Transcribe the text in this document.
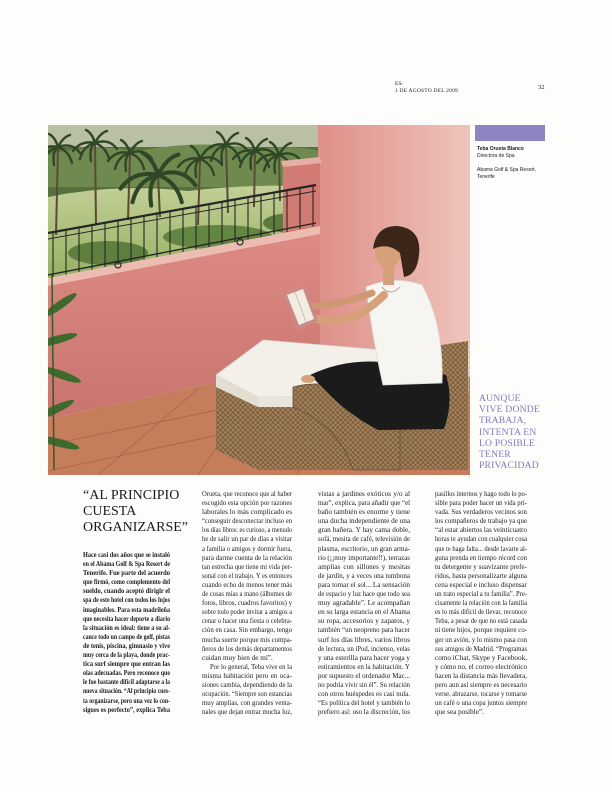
ES-
1 DE AGOSTO DEL 2009	32
Teba Orueta Blanco
Directora de Spa
Abama Golf & Spa Resort,
Tenerife
AUNQUE
VIVE DONDE
TRABAJA,
INTENTA EN
LO POSIBLE
TENER
PRIVACIDAD
“AL PRINCIPIO
CUESTA
ORGANIZARSE”
Hace casi dos años que se instaló
en el Abama Golf & Spa Resort de
Tenerife. Fue parte del acuerdo
que firmó, como complemento del
sueldo, cuando aceptó dirigir el
spa de este hotel con todos los lujos
imaginables. Para esta madrileña
que necesita hacer deporte a diario
la situación es ideal: tiene a su al-
cance todo un campo de golf, pistas
de tenis, piscina, gimnasio y vive
muy cerca de la playa, donde prac-
tica surf siempre que entran las
olas adecuadas. Pero reconoce que
le fue bastante difícil adaptarse a la
nueva situación. “Al principio cues-
ta organizarse, pero una vez lo con-
sigues es perfecto”, explica Teba
Orueta, que reconoce que al haber
escogido esta opción por razones
laborales lo más complicado es
“conseguir desconectar incluso en
los días libres: es curioso, a menudo
he de salir un par de días a visitar
a familia o amigos y dormir fuera,
para darme cuenta de la relación
tan estrecha que tiene mi vida per-
sonal con el trabajo. Y es entonces
cuando echo de menos tener más
de cosas mías a mano (álbumes de
fotos, libros, cuadros favoritos) y
sobre todo poder invitar a amigos a
cenar o hacer una fiesta o celebra-
ción en casa. Sin embargo, tengo
mucha suerte porque mis compa-
ñeros de los demás departamentos
cuidan muy bien de mí”.
Por lo general, Teba vive en la
misma habitación pero en oca-
siones cambia, dependiendo de la
ocupación. “Siempre son estancias
muy amplias, con grandes venta-
nales que dejan entrar mucha luz,
vistas a jardines exóticos y/o al
mar”, explica, para añadir que “el
baño también es enorme y tiene
una ducha independiente de una
gran bañera. Y hay cama doble,
sofá, mesita de café, televisión de
plasma, escritorio, un gran arma-
rio (¡¡muy importante!!), terrazas
amplias con sillones y mesitas
de jardín, y a veces una tumbona
para tomar el sol... La sensación
de espacio y luz hace que todo sea
muy agradable”. Le acompañan
en su larga estancia en el Abama
su ropa, accesorios y zapatos, y
también “un neopreno para hacer
surf los días libres, varios libros
de lectura, un iPod, incienso, velas
y una esterilla para hacer yoga y
estiramientos en la habitación. Y
por supuesto el ordenador Mac...
no podría vivir sin él”. Su relación
con otros huéspedes es casi nula.
“Es política del hotel y también lo
prefiero así: uso la discreción, los
pasillos internos y hago todo lo po-
sible para poder hacer un vida pri-
vada. Sus verdaderos vecinos son
los compañeros de trabajo ya que
“al estar abiertos las veinticuatro
horas te ayudan con cualquier cosa
que te haga falta... desde lavarte al-
guna prenda en tiempo récord con
tu detergente y suavizante prefe-
ridos, hasta personalizarte alguna
cena especial e incluso dispensar
un trato especial a tu familia”. Pre-
cisamente la relación con la familia
es lo más difícil de llevar, reconoce
Teba, a pesar de que no está casada
ni tiene hijos, porque requiere co-
ger un avión, y lo mismo pasa con
sus amigos de Madrid. “Programas
como iChat, Skype y Facebook,
y cómo no, el correo electrónico
hacen la distancia más llevadera,
pero aun así siempre es necesario
verse, abrazarse, tocarse y tomarse
un café o una copa juntos siempre
que sea posible”.
